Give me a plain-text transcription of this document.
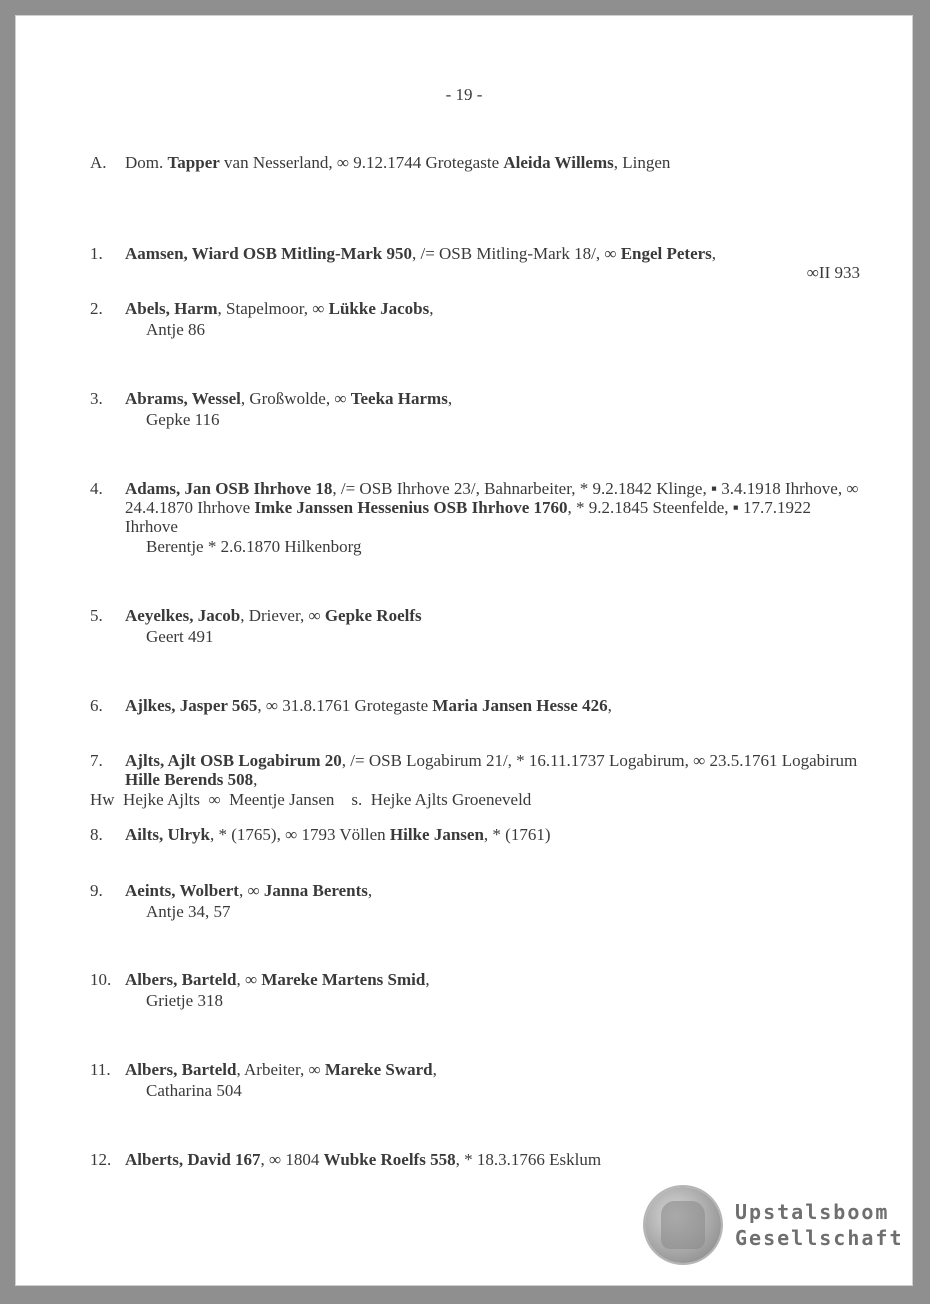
- 19 -
A. Dom. Tapper van Nesserland, ∞ 9.12.1744 Grotegaste Aleida Willems, Lingen
1. Aamsen, Wiard OSB Mitling-Mark 950, /= OSB Mitling-Mark 18/, ∞ Engel Peters,
∞II 933
2. Abels, Harm, Stapelmoor, ∞ Lükke Jacobs,
Antje 86
3. Abrams, Wessel, Großwolde, ∞ Teeka Harms,
Gepke 116
4. Adams, Jan OSB Ihrhove 18, /= OSB Ihrhove 23/, Bahnarbeiter, * 9.2.1842 Klinge, ▪ 3.4.1918 Ihrhove, ∞ 24.4.1870 Ihrhove Imke Janssen Hessenius OSB Ihrhove 1760, * 9.2.1845 Steenfelde, ▪ 17.7.1922 Ihrhove
Berentje * 2.6.1870 Hilkenborg
5. Aeyelkes, Jacob, Driever, ∞ Gepke Roelfs
Geert 491
6. Ajlkes, Jasper 565, ∞ 31.8.1761 Grotegaste Maria Jansen Hesse 426,
7. Ajlts, Ajlt OSB Logabirum 20, /= OSB Logabirum 21/, * 16.11.1737 Logabirum, ∞ 23.5.1761 Logabirum Hille Berends 508,
Hw  Hejke Ajlts  ∞  Meentje Jansen    s.  Hejke Ajlts Groeneveld
8. Ailts, Ulryk, * (1765), ∞ 1793 Völlen Hilke Jansen, * (1761)
9. Aeints, Wolbert, ∞ Janna Berents,
Antje 34, 57
10. Albers, Barteld, ∞ Mareke Martens Smid,
Grietje 318
11. Albers, Barteld, Arbeiter, ∞ Mareke Sward,
Catharina 504
12. Alberts, David 167, ∞ 1804 Wubke Roelfs 558, * 18.3.1766 Esklum
Upstalsboom
Gesellschaft
